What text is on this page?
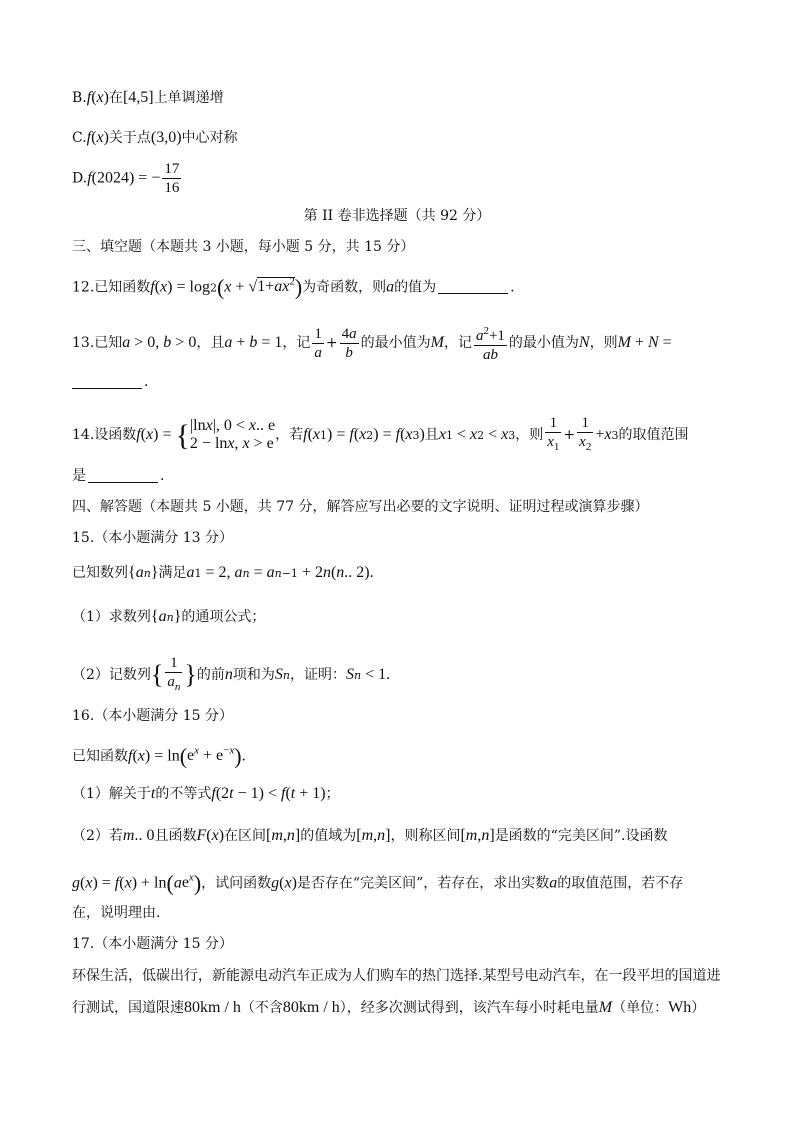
B.f(x)在[4,5]上单调递增
C.f(x)关于点(3,0)中心对称
D.f(2024) = − $\frac{17}{16}$
第 II 卷非选择题（共 92 分）
三、填空题（本题共 3 小题，每小题 5 分，共 15 分）
12.已知函数$f(x) = \log 2(x + √1+ax^2)$为奇函数，则a的值为	.
13.已知a > 0, b > 0，且a + b = 1，记 $\frac{1}{a} + \frac{4a}{b}$ 的最小值为M，记 $\frac{a^2+1}{ab}$ 的最小值为N，则M + N =
.
14.设函数f(x) = { |lnx|, 0 < x.. e
2 − lnx, x > e ，若f(x1) = f(x2) = f(x3)且x1 < x2 < x3，则 $\frac{1}{x_1} + \frac{1}{x_2} +x3$的取值范围
是	.
四、解答题（本题共 5 小题，共 77 分，解答应写出必要的文字说明、证明过程或演算步骤）
15.（本小题满分 13 分）
已知数列{an}满足a1 = 2, an = an−1 + 2n(n.. 2).
（1）求数列{an}的通项公式；
（2）记数列{ $\frac{1}{a_n}$ }的前n项和为Sn，证明：Sn < 1.
16.（本小题满分 15 分）
已知函数$f(x) = \ln(e^x + e^{-x})$.
（1）解关于t的不等式f(2t − 1) < f(t + 1)；
（2）若m.. 0且函数F(x)在区间[m,n]的值域为[m,n]，则称区间[m,n]是函数的“完美区间”.设函数
$g(x) = f(x) + \ln(ae^x)$，试问函数g(x)是否存在“完美区间”，若存在，求出实数a的取值范围，若不存
在，说明理由.
17.（本小题满分 15 分）
环保生活，低碳出行，新能源电动汽车正成为人们购车的热门选择.某型号电动汽车，在一段平坦的国道进
行测试，国道限速80km / h（不含80km / h），经多次测试得到，该汽车每小时耗电量M（单位：Wh）
